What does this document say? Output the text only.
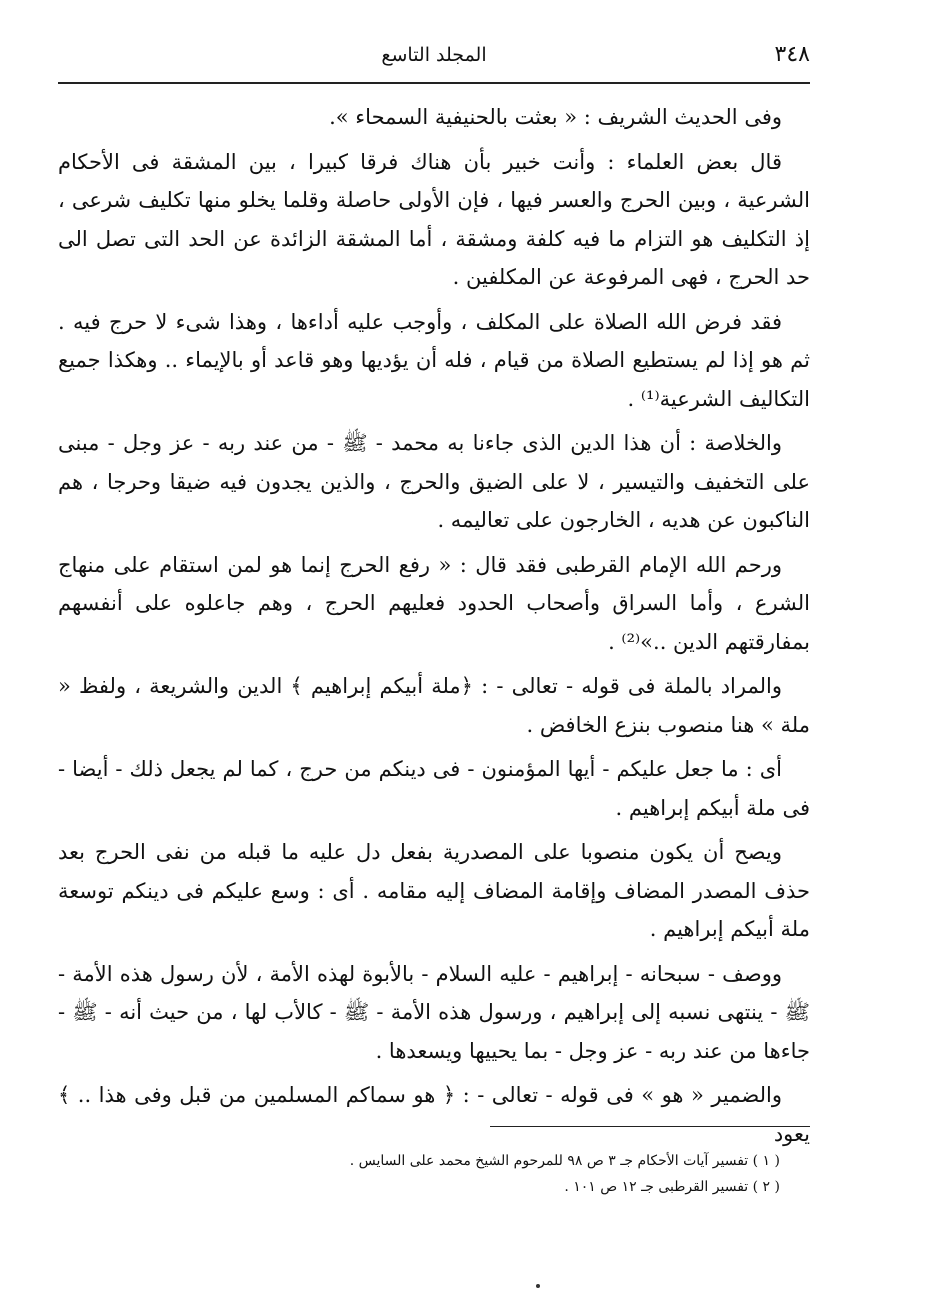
٣٤٨
المجلد التاسع

وفى الحديث الشريف : « بعثت بالحنيفية السمحاء ».

قال بعض العلماء : وأنت خبير بأن هناك فرقا كبيرا ، بين المشقة فى الأحكام الشرعية ، وبين الحرج والعسر فيها ، فإن الأولى حاصلة وقلما يخلو منها تكليف شرعى ، إذ التكليف هو التزام ما فيه كلفة ومشقة ، أما المشقة الزائدة عن الحد التى تصل الى حد الحرج ، فهى المرفوعة عن المكلفين .

فقد فرض الله الصلاة على المكلف ، وأوجب عليه أداءها ، وهذا شىء لا حرج فيه . ثم هو إذا لم يستطيع الصلاة من قيام ، فله أن يؤديها وهو قاعد أو بالإيماء .. وهكذا جميع التكاليف الشرعية⁽¹⁾ .

والخلاصة : أن هذا الدين الذى جاءنا به محمد - ﷺ - من عند ربه - عز وجل - مبنى على التخفيف والتيسير ، لا على الضيق والحرج ، والذين يجدون فيه ضيقا وحرجا ، هم الناكبون عن هديه ، الخارجون على تعاليمه .

ورحم الله الإمام القرطبى فقد قال : « رفع الحرج إنما هو لمن استقام على منهاج الشرع ، وأما السراق وأصحاب الحدود فعليهم الحرج ، وهم جاعلوه على أنفسهم بمفارقتهم الدين ..»⁽²⁾ .

والمراد بالملة فى قوله - تعالى - : ﴿ملة أبيكم إبراهيم ﴾ الدين والشريعة ، ولفظ « ملة » هنا منصوب بنزع الخافض .

أى : ما جعل عليكم - أيها المؤمنون - فى دينكم من حرج ، كما لم يجعل ذلك - أيضا - فى ملة أبيكم إبراهيم .

ويصح أن يكون منصوبا على المصدرية بفعل دل عليه ما قبله من نفى الحرج بعد حذف المصدر المضاف وإقامة المضاف إليه مقامه . أى : وسع عليكم فى دينكم توسعة ملة أبيكم إبراهيم .

ووصف - سبحانه - إبراهيم - عليه السلام - بالأبوة لهذه الأمة ، لأن رسول هذه الأمة - ﷺ - ينتهى نسبه إلى إبراهيم ، ورسول هذه الأمة - ﷺ - كالأب لها ، من حيث أنه - ﷺ - جاءها من عند ربه - عز وجل - بما يحييها ويسعدها .

والضمير « هو » فى قوله - تعالى - : ﴿ هو سماكم المسلمين من قبل وفى هذا .. ﴾ يعود

( ١ ) تفسير آيات الأحكام جـ ٣ ص ٩٨ للمرحوم الشيخ محمد على السايس .

( ٢ ) تفسير القرطبى جـ ١٢ ص ١٠١ .
